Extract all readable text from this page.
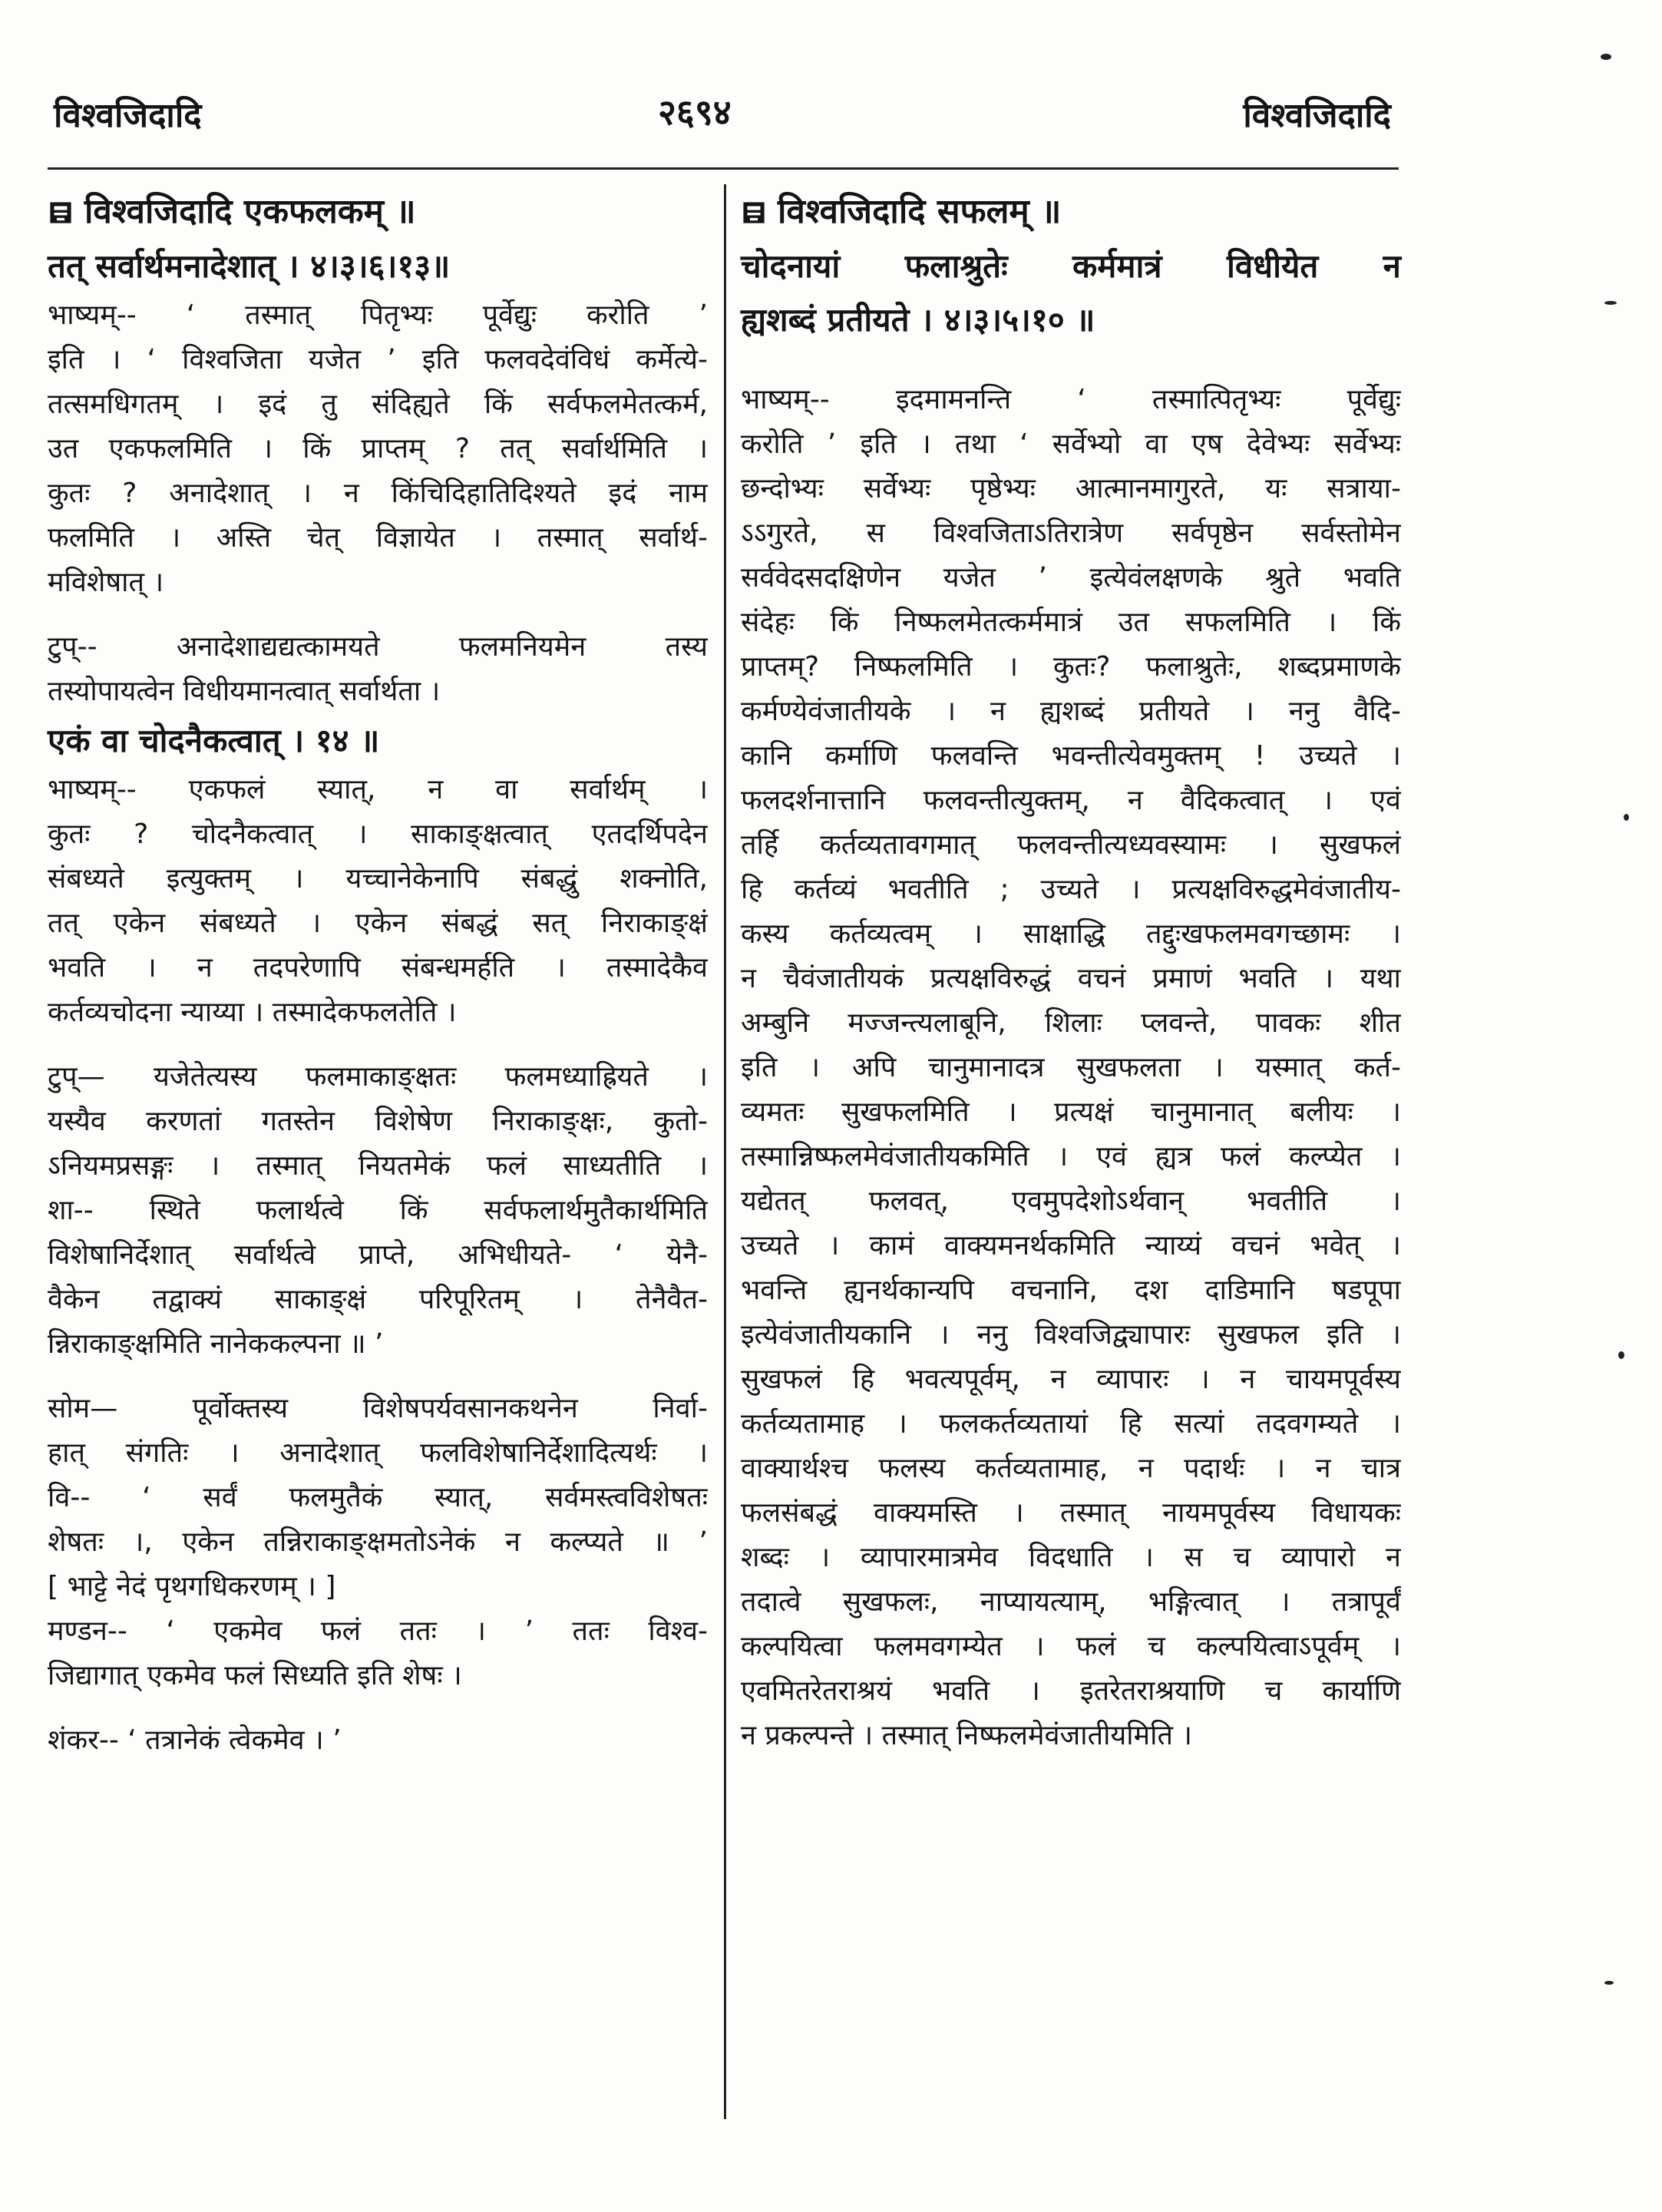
विश्वजिदादि	२६९४	विश्वजिदादि
विश्वजिदादि एकफलकम् ॥
तत् सर्वार्थमनादेशात् । ४।३।६।१३॥
भाष्यम्-- ‘ तस्मात् पितृभ्यः पूर्वेद्युः करोति ’
इति । ‘ विश्वजिता यजेत ’ इति फलवदेवंविधं कर्मेत्ये-
तत्समधिगतम् । इदं तु संदिह्यते किं सर्वफलमेतत्कर्म,
उत एकफलमिति । किं प्राप्तम् ? तत् सर्वार्थमिति ।
कुतः ? अनादेशात् । न किंचिदिहातिदिश्यते इदं नाम
फलमिति । अस्ति चेत् विज्ञायेत । तस्मात् सर्वार्थ-
मविशेषात् ।
टुप्-- अनादेशाद्यद्यत्कामयते फलमनियमेन तस्य
तस्योपायत्वेन विधीयमानत्वात् सर्वार्थता ।
एकं वा चोदनैकत्वात् । १४ ॥
भाष्यम्-- एकफलं स्यात्, न वा सर्वार्थम् ।
कुतः ? चोदनैकत्वात् । साकाङ्क्षत्वात् एतदर्थिपदेन
संबध्यते इत्युक्तम् । यच्चानेकेनापि संबद्धुं शक्नोति,
तत् एकेन संबध्यते । एकेन संबद्धं सत् निराकाङ्क्षं
भवति । न तदपरेणापि संबन्धमर्हति । तस्मादेकैव
कर्तव्यचोदना न्याय्या । तस्मादेकफलतेति ।
टुप्— यजेतेत्यस्य फलमाकाङ्क्षतः फलमध्याह्रियते ।
यस्यैव करणतां गतस्तेन विशेषेण निराकाङ्क्षः, कुतो-
ऽनियमप्रसङ्गः । तस्मात् नियतमेकं फलं साध्यतीति ।
शा-- स्थिते फलार्थत्वे किं सर्वफलार्थमुतैकार्थमिति
विशेषानिर्देशात् सर्वार्थत्वे प्राप्ते, अभिधीयते- ‘ येनै-
वैकेन तद्वाक्यं साकाङ्क्षं परिपूरितम् । तेनैवैत-
न्निराकाङ्क्षमिति नानेककल्पना ॥ ’
सोम— पूर्वोक्तस्य विशेषपर्यवसानकथनेन निर्वा-
हात् संगतिः । अनादेशात् फलविशेषानिर्देशादित्यर्थः ।
वि-- ‘ सर्वं फलमुतैकं स्यात्, सर्वमस्त्वविशेषतः
शेषतः ।, एकेन तन्निराकाङ्क्षमतोऽनेकं न कल्प्यते ॥ ’
[ भाट्टे नेदं पृथगधिकरणम् । ]
मण्डन-- ‘ एकमेव फलं ततः । ’ ततः विश्व-
जिद्यागात् एकमेव फलं सिध्यति इति शेषः ।
शंकर-- ‘ तत्रानेकं त्वेकमेव । ’
विश्वजिदादि सफलम् ॥
चोदनायां फलाश्रुतेः कर्ममात्रं विधीयेत न
ह्यशब्दं प्रतीयते । ४।३।५।१० ॥
भाष्यम्-- इदमामनन्ति ‘ तस्मात्पितृभ्यः पूर्वेद्युः
करोति ’ इति । तथा ‘ सर्वेभ्यो वा एष देवेभ्यः सर्वेभ्यः
छन्दोभ्यः सर्वेभ्यः पृष्ठेभ्यः आत्मानमागुरते, यः सत्राया-
ऽऽगुरते, स विश्वजिताऽतिरात्रेण सर्वपृष्ठेन सर्वस्तोमेन
सर्ववेदसदक्षिणेन यजेत ’ इत्येवंलक्षणके श्रुते भवति
संदेहः किं निष्फलमेतत्कर्ममात्रं उत सफलमिति । किं
प्राप्तम्? निष्फलमिति । कुतः? फलाश्रुतेः, शब्दप्रमाणके
कर्मण्येवंजातीयके । न ह्यशब्दं प्रतीयते । ननु वैदि-
कानि कर्माणि फलवन्ति भवन्तीत्येवमुक्तम् ! उच्यते ।
फलदर्शनात्तानि फलवन्तीत्युक्तम्, न वैदिकत्वात् । एवं
तर्हि कर्तव्यतावगमात् फलवन्तीत्यध्यवस्यामः । सुखफलं
हि कर्तव्यं भवतीति ; उच्यते । प्रत्यक्षविरुद्धमेवंजातीय-
कस्य कर्तव्यत्वम् । साक्षाद्धि तद्दुःखफलमवगच्छामः ।
न चैवंजातीयकं प्रत्यक्षविरुद्धं वचनं प्रमाणं भवति । यथा
अम्बुनि मज्जन्त्यलाबूनि, शिलाः प्लवन्ते, पावकः शीत
इति । अपि चानुमानादत्र सुखफलता । यस्मात् कर्त-
व्यमतः सुखफलमिति । प्रत्यक्षं चानुमानात् बलीयः ।
तस्मान्निष्फलमेवंजातीयकमिति । एवं ह्यत्र फलं कल्प्येत ।
यद्येतत् फलवत्, एवमुपदेशोऽर्थवान् भवतीति ।
उच्यते । कामं वाक्यमनर्थकमिति न्याय्यं वचनं भवेत् ।
भवन्ति ह्यनर्थकान्यपि वचनानि, दश दाडिमानि षडपूपा
इत्येवंजातीयकानि । ननु विश्वजिद्व्यापारः सुखफल इति ।
सुखफलं हि भवत्यपूर्वम्, न व्यापारः । न चायमपूर्वस्य
कर्तव्यतामाह । फलकर्तव्यतायां हि सत्यां तदवगम्यते ।
वाक्यार्थश्च फलस्य कर्तव्यतामाह, न पदार्थः । न चात्र
फलसंबद्धं वाक्यमस्ति । तस्मात् नायमपूर्वस्य विधायकः
शब्दः । व्यापारमात्रमेव विदधाति । स च व्यापारो न
तदात्वे सुखफलः, नाप्यायत्याम्, भङ्गित्वात् । तत्रापूर्वं
कल्पयित्वा फलमवगम्येत । फलं च कल्पयित्वाऽपूर्वम् ।
एवमितरेतराश्रयं भवति । इतरेतराश्रयाणि च कार्याणि
न प्रकल्पन्ते । तस्मात् निष्फलमेवंजातीयमिति ।
